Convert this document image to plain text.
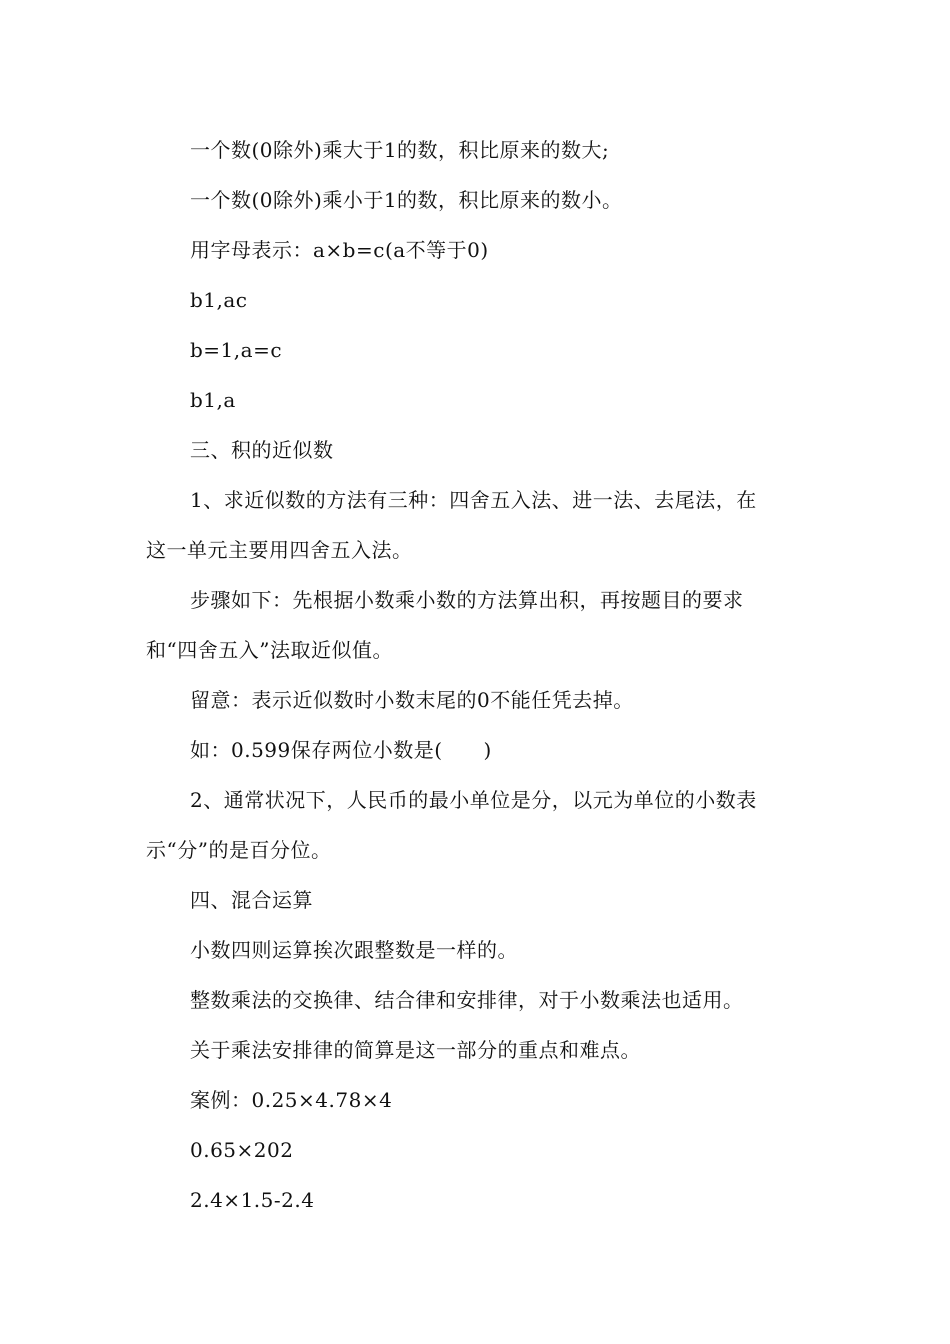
一个数(0除外)乘大于1的数，积比原来的数大;
一个数(0除外)乘小于1的数，积比原来的数小。
用字母表示：a×b=c(a不等于0)
b1,ac
b=1,a=c
b1,a
三、积的近似数
1、求近似数的方法有三种：四舍五入法、进一法、去尾法，在
这一单元主要用四舍五入法。
步骤如下：先根据小数乘小数的方法算出积，再按题目的要求
和“四舍五入”法取近似值。
留意：表示近似数时小数末尾的0不能任凭去掉。
如：0.599保存两位小数是(　　)
2、通常状况下，人民币的最小单位是分，以元为单位的小数表
示“分”的是百分位。
四、混合运算
小数四则运算挨次跟整数是一样的。
整数乘法的交换律、结合律和安排律，对于小数乘法也适用。
关于乘法安排律的简算是这一部分的重点和难点。
案例：0.25×4.78×4
0.65×202
2.4×1.5-2.4
